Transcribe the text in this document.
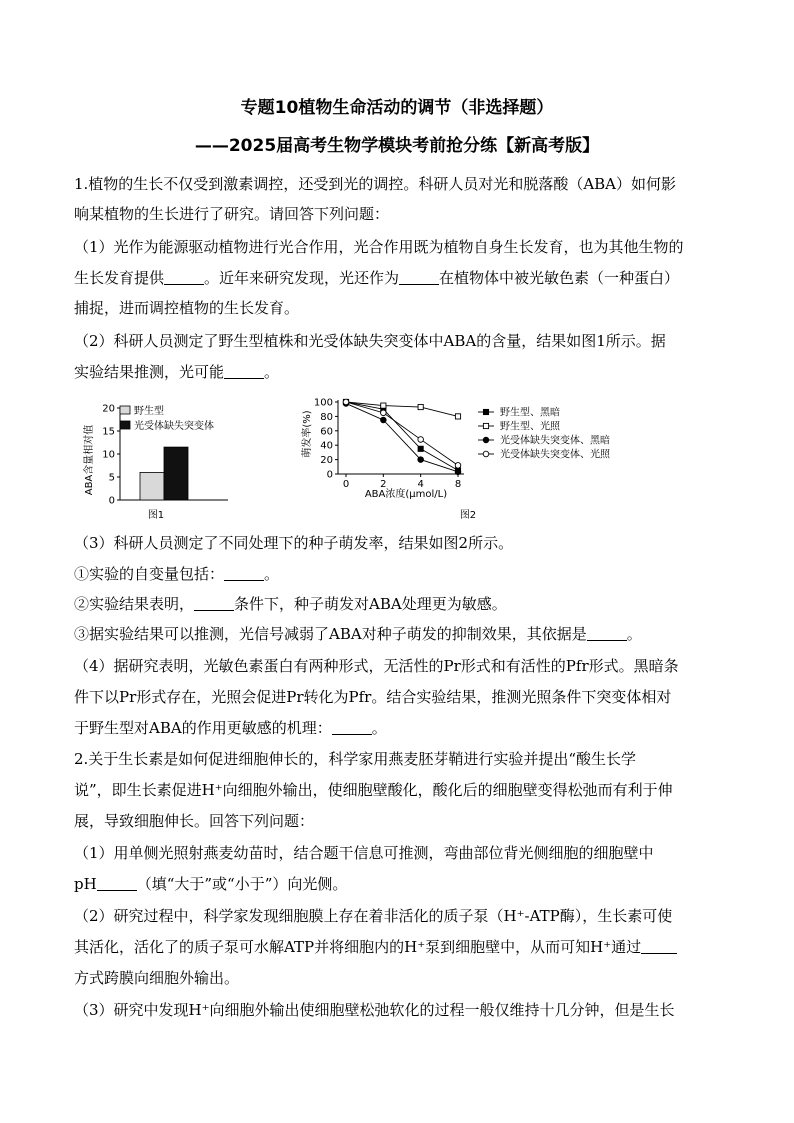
专题10植物生命活动的调节（非选择题）
——2025届高考生物学模块考前抢分练【新高考版】
1.植物的生长不仅受到激素调控，还受到光的调控。科研人员对光和脱落酸（ABA）如何影
响某植物的生长进行了研究。请回答下列问题：
（1）光作为能源驱动植物进行光合作用，光合作用既为植物自身生长发育，也为其他生物的
生长发育提供	。近年来研究发现，光还作为	在植物体中被光敏色素（一种蛋白）
捕捉，进而调控植物的生长发育。
（2）科研人员测定了野生型植株和光受体缺失突变体中ABA的含量，结果如图1所示。据
实验结果推测，光可能	。
ABA含量相对值
0
5
10
15
20 野生型
光受体缺失突变体
图1
萌发率(%)
0
20
40
60
80
100
0	2	4	8
野生型、黑暗
野生型、光照
光受体缺失突变体、黑暗
光受体缺失突变体、光照
ABA浓度(μmol/L)
图2
（3）科研人员测定了不同处理下的种子萌发率，结果如图2所示。
①实验的自变量包括：	。
②实验结果表明，	条件下，种子萌发对ABA处理更为敏感。
③据实验结果可以推测，光信号减弱了ABA对种子萌发的抑制效果，其依据是	。
（4）据研究表明，光敏色素蛋白有两种形式，无活性的Pr形式和有活性的Pfr形式。黑暗条
件下以Pr形式存在，光照会促进Pr转化为Pfr。结合实验结果，推测光照条件下突变体相对
于野生型对ABA的作用更敏感的机理：	。
2.关于生长素是如何促进细胞伸长的，科学家用燕麦胚芽鞘进行实验并提出“酸生长学
说”，即生长素促进H⁺向细胞外输出，使细胞壁酸化，酸化后的细胞壁变得松弛而有利于伸
展，导致细胞伸长。回答下列问题：
（1）用单侧光照射燕麦幼苗时，结合题干信息可推测，弯曲部位背光侧细胞的细胞壁中
pH	（填“大于”或“小于”）向光侧。
（2）研究过程中，科学家发现细胞膜上存在着非活化的质子泵（H⁺-ATP酶），生长素可使
其活化，活化了的质子泵可水解ATP并将细胞内的H⁺泵到细胞壁中，从而可知H⁺通过
方式跨膜向细胞外输出。
（3）研究中发现H⁺向细胞外输出使细胞壁松弛软化的过程一般仅维持十几分钟，但是生长
